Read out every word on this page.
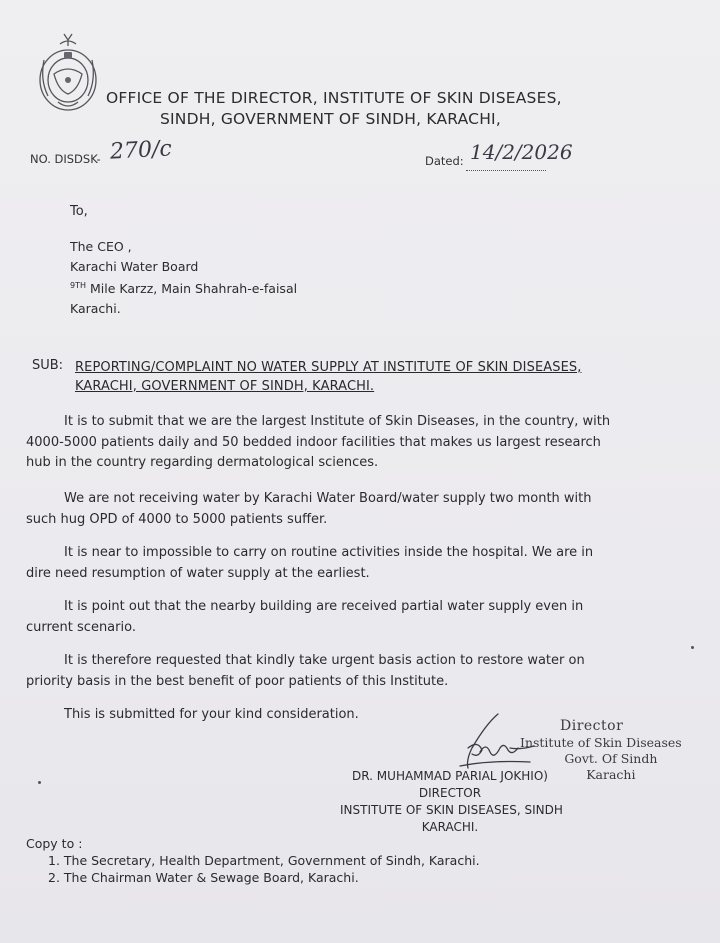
OFFICE OF THE DIRECTOR, INSTITUTE OF SKIN DISEASES,
SINDH, GOVERNMENT OF SINDH, KARACHI,
NO. DISDSK- 270/c	Dated: 14/2/2026
To,
The CEO ,
Karachi Water Board
$^{9TH}$ Mile Karzz, Main Shahrah-e-faisal
Karachi.
SUB: REPORTING/COMPLAINT NO WATER SUPPLY AT INSTITUTE OF SKIN DISEASES,
KARACHI, GOVERNMENT OF SINDH, KARACHI.
It is to submit that we are the largest Institute of Skin Diseases, in the country, with
4000-5000 patients daily and 50 bedded indoor facilities that makes us largest research
hub in the country regarding dermatological sciences.
We are not receiving water by Karachi Water Board/water supply two month with
such hug OPD of 4000 to 5000 patients suffer.
It is near to impossible to carry on routine activities inside the hospital. We are in
dire need resumption of water supply at the earliest.
It is point out that the nearby building are received partial water supply even in
current scenario.
It is therefore requested that kindly take urgent basis action to restore water on
priority basis in the best benefit of poor patients of this Institute.
This is submitted for your kind consideration.
Director
Institute of Skin Diseases
Govt. Of Sindh
Karachi
DR. MUHAMMAD PARIAL JOKHIO)
DIRECTOR
INSTITUTE OF SKIN DISEASES, SINDH
KARACHI.
Copy to :
1. The Secretary, Health Department, Government of Sindh, Karachi.
2. The Chairman Water & Sewage Board, Karachi.
